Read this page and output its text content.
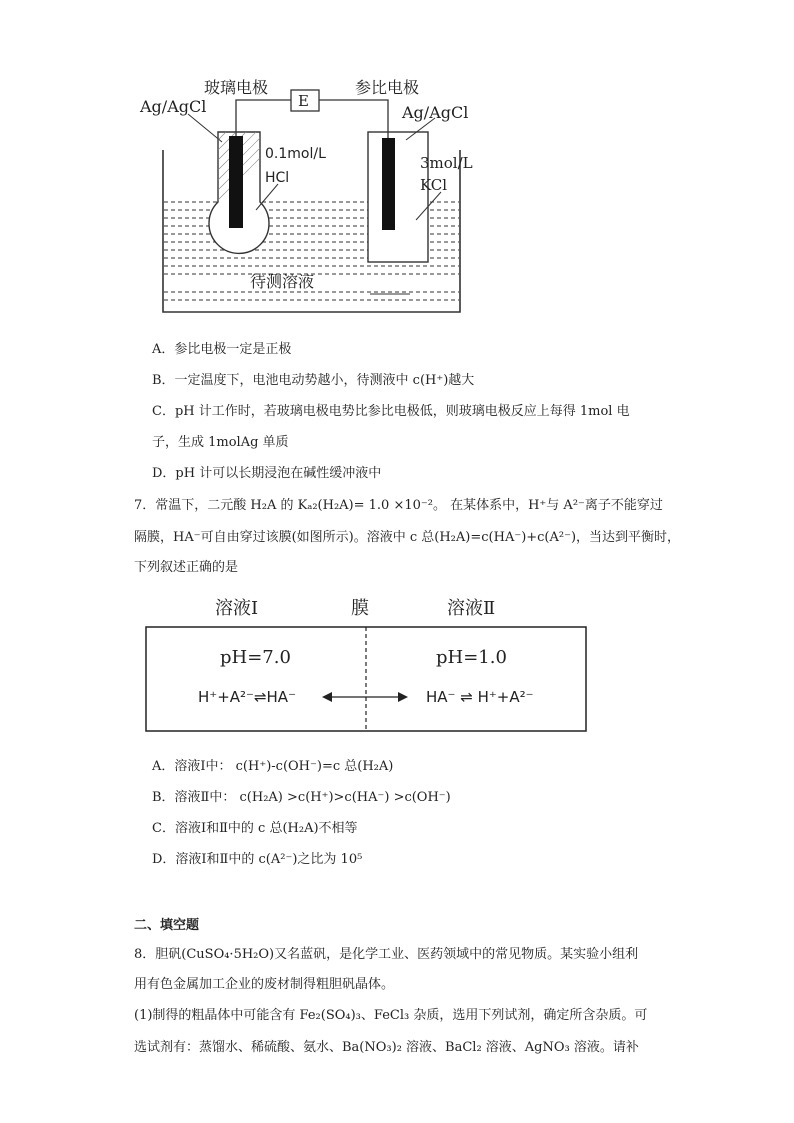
玻璃电极	参比电极
E
Ag/AgCl	Ag/AgCl
0.1mol/L
HCl
3mol/L
KCl
待测溶液
A．参比电极一定是正极
B．一定温度下，电池电动势越小，待测液中 c(H⁺)越大
C．pH 计工作时，若玻璃电极电势比参比电极低，则玻璃电极反应上每得 1mol 电
子，生成 1molAg 单质
D．pH 计可以长期浸泡在碱性缓冲液中
7．常温下，二元酸 H₂A 的 Kₐ₂(H₂A)= 1.0 ×10⁻²。 在某体系中，H⁺与 A²⁻离子不能穿过
隔膜，HA⁻可自由穿过该膜(如图所示)。溶液中 c 总(H₂A)=c(HA⁻)+c(A²⁻)，当达到平衡时，
下列叙述正确的是
溶液Ⅰ	膜	溶液Ⅱ
pH=7.0	pH=1.0
H⁺+A²⁻⇌HA⁻	HA⁻ ⇌ H⁺+A²⁻
A．溶液Ⅰ中： c(H⁺)-c(OH⁻)=c 总(H₂A)
B．溶液Ⅱ中： c(H₂A) >c(H⁺)>c(HA⁻) >c(OH⁻)
C．溶液Ⅰ和Ⅱ中的 c 总(H₂A)不相等
D．溶液Ⅰ和Ⅱ中的 c(A²⁻)之比为 10⁵
二、填空题
8．胆矾(CuSO₄·5H₂O)又名蓝矾，是化学工业、医药领域中的常见物质。某实验小组利
用有色金属加工企业的废材制得粗胆矾晶体。
(1)制得的粗晶体中可能含有 Fe₂(SO₄)₃、FeCl₃ 杂质，选用下列试剂，确定所含杂质。可
选试剂有：蒸馏水、稀硫酸、氨水、Ba(NO₃)₂ 溶液、BaCl₂ 溶液、AgNO₃ 溶液。请补
